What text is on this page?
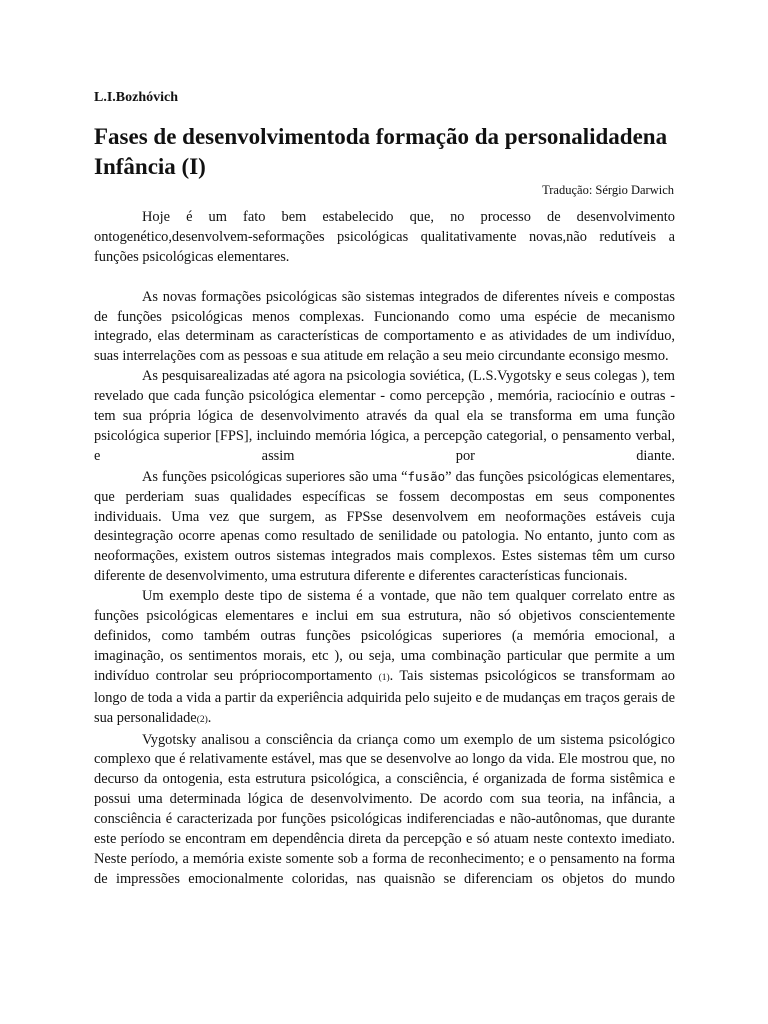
L.I.Bozhóvich
Fases de desenvolvimentoda formação da personalidadena Infância (I)
Tradução: Sérgio Darwich

Hoje é um fato bem estabelecido que, no processo de desenvolvimento ontogenético,desenvolvem-seformações psicológicas qualitativamente novas,não redutíveis a funções psicológicas elementares.

As novas formações psicológicas são sistemas integrados de diferentes níveis e compostas de funções psicológicas menos complexas. Funcionando como uma espécie de mecanismo integrado, elas determinam as características de comportamento e as atividades de um indivíduo, suas interrelações com as pessoas e sua atitude em relação a seu meio circundante econsigo mesmo.

As pesquisarealizadas até agora na psicologia soviética, (L.S.Vygotsky e seus colegas ), tem revelado que cada função psicológica elementar - como percepção , memória, raciocínio e outras - tem sua própria lógica de desenvolvimento através da qual ela se transforma em uma função psicológica superior [FPS], incluindo memória lógica, a percepção categorial, o pensamento verbal, e assim por diante.

As funções psicológicas superiores são uma “fusão” das funções psicológicas elementares, que perderiam suas qualidades específicas se fossem decompostas em seus componentes individuais. Uma vez que surgem, as FPSse desenvolvem em neoformações estáveis cuja desintegração ocorre apenas como resultado de senilidade ou patologia. No entanto, junto com as neoformações, existem outros sistemas integrados mais complexos. Estes sistemas têm um curso diferente de desenvolvimento, uma estrutura diferente e diferentes características funcionais.

Um exemplo deste tipo de sistema é a vontade, que não tem qualquer correlato entre as funções psicológicas elementares e inclui em sua estrutura, não só objetivos conscientemente definidos, como também outras funções psicológicas superiores (a memória emocional, a imaginação, os sentimentos morais, etc ), ou seja, uma combinação particular que permite a um indivíduo controlar seu própriocomportamento (1). Tais sistemas psicológicos se transformam ao longo de toda a vida a partir da experiência adquirida pelo sujeito e de mudanças em traços gerais de sua personalidade(2).

Vygotsky analisou a consciência da criança como um exemplo de um sistema psicológico complexo que é relativamente estável, mas que se desenvolve ao longo da vida. Ele mostrou que, no decurso da ontogenia, esta estrutura psicológica, a consciência, é organizada de forma sistêmica e possui uma determinada lógica de desenvolvimento. De acordo com sua teoria, na infância, a consciência é caracterizada por funções psicológicas indiferenciadas e não-autônomas, que durante este período se encontram em dependência direta da percepção e só atuam neste contexto imediato. Neste período, a memória existe somente sob a forma de reconhecimento; e o pensamento na forma de impressões emocionalmente coloridas, nas quaisnão se diferenciam os objetos do mundo
